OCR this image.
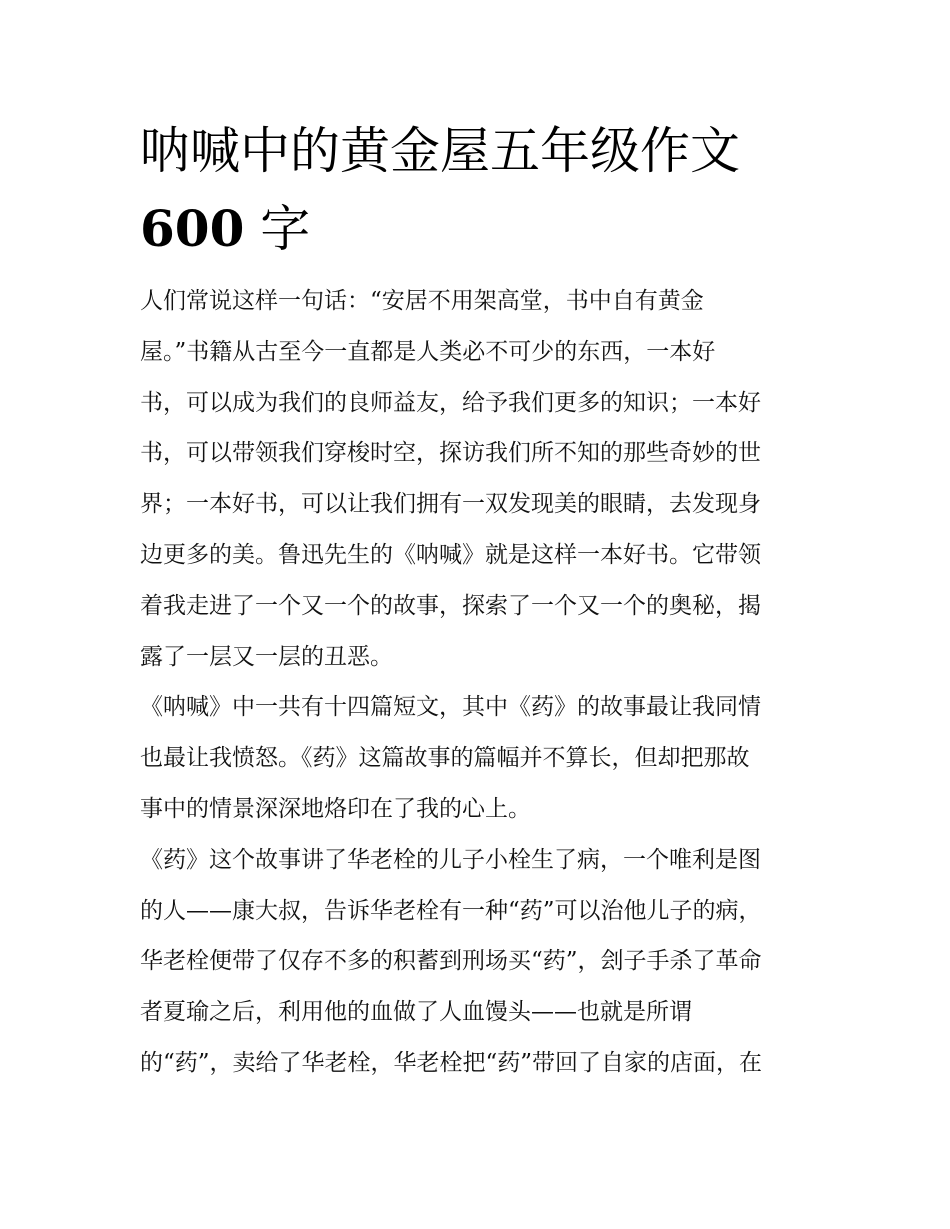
呐喊中的黄金屋五年级作文
600 字
人们常说这样一句话：“安居不用架高堂，书中自有黄金
屋。”书籍从古至今一直都是人类必不可少的东西，一本好
书，可以成为我们的良师益友，给予我们更多的知识；一本好
书，可以带领我们穿梭时空，探访我们所不知的那些奇妙的世
界；一本好书，可以让我们拥有一双发现美的眼睛，去发现身
边更多的美。鲁迅先生的《呐喊》就是这样一本好书。它带领
着我走进了一个又一个的故事，探索了一个又一个的奥秘，揭
露了一层又一层的丑恶。
《呐喊》中一共有十四篇短文，其中《药》的故事最让我同情
也最让我愤怒。《药》这篇故事的篇幅并不算长，但却把那故
事中的情景深深地烙印在了我的心上。
《药》这个故事讲了华老栓的儿子小栓生了病，一个唯利是图
的人——康大叔，告诉华老栓有一种“药”可以治他儿子的病，
华老栓便带了仅存不多的积蓄到刑场买“药”，刽子手杀了革命
者夏瑜之后，利用他的血做了人血馒头——也就是所谓
的“药”，卖给了华老栓，华老栓把“药”带回了自家的店面，在
